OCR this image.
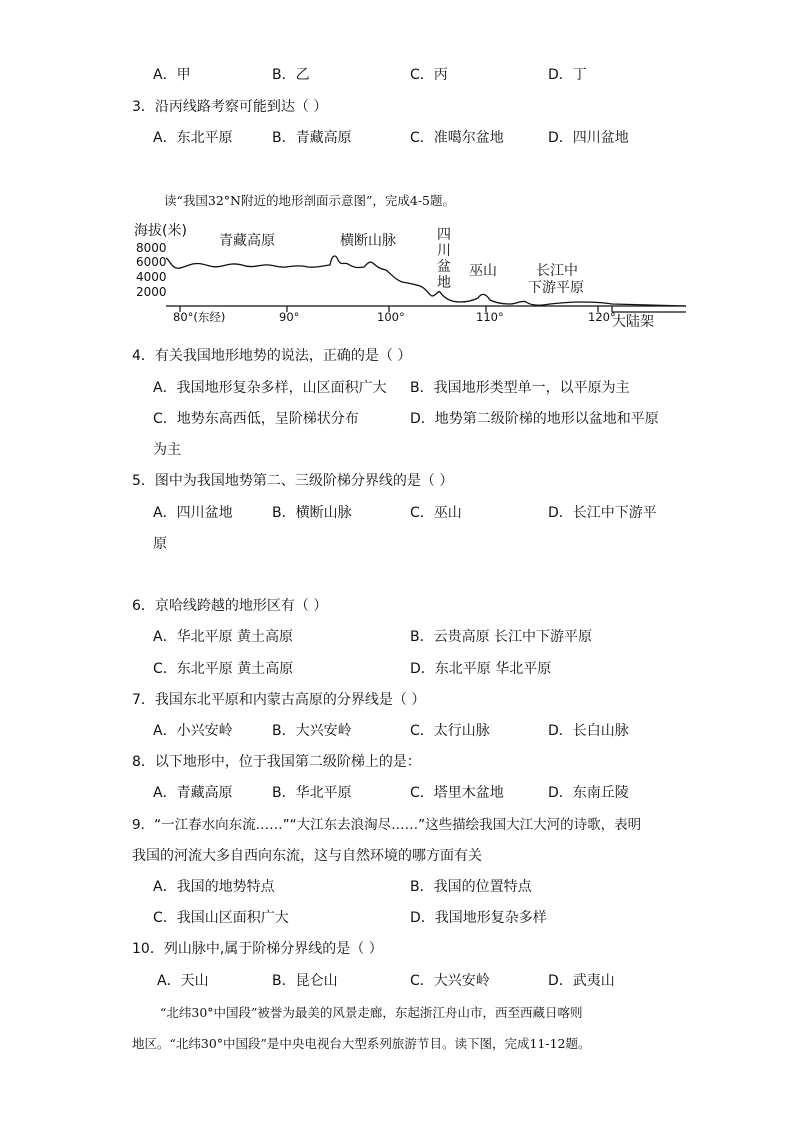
A．甲	B．乙	C．丙	D．丁
3．沿丙线路考察可能到达（ ）
A．东北平原	B．青藏高原	C．准噶尔盆地	D．四川盆地
读“我国32°N附近的地形剖面示意图”，完成4-5题。
海拔(米)
8000
6000
4000
2000
青藏高原	横断山脉	四
川
盆
地
巫山	长江中
下游平原
大陆架
80°(东经)	90°	100°	110°	120°
4．有关我国地形地势的说法，正确的是（ ）
A．我国地形复杂多样，山区面积广大 B．我国地形类型单一，以平原为主
C．地势东高西低，呈阶梯状分布	D．地势第二级阶梯的地形以盆地和平原
为主
5．图中为我国地势第二、三级阶梯分界线的是（ ）
A．四川盆地	B．横断山脉	C．巫山	D．长江中下游平
原
6．京哈线跨越的地形区有（ ）
A．华北平原 黄土高原	B．云贵高原 长江中下游平原
C．东北平原 黄土高原	D．东北平原 华北平原
7．我国东北平原和内蒙古高原的分界线是（ ）
A．小兴安岭	B．大兴安岭	C．太行山脉	D．长白山脉
8．以下地形中，位于我国第二级阶梯上的是：
A．青藏高原	B．华北平原	C．塔里木盆地	D．东南丘陵
9．“一江春水向东流……”“大江东去浪淘尽……”这些描绘我国大江大河的诗歌，表明
我国的河流大多自西向东流，这与自然环境的哪方面有关
A．我国的地势特点	B．我国的位置特点
C．我国山区面积广大	D．我国地形复杂多样
10．列山脉中,属于阶梯分界线的是（ ）
A．天山	B．昆仑山	C．大兴安岭	D．武夷山
“北纬30°中国段”被誉为最美的风景走廊，东起浙江舟山市，西至西藏日喀则
地区。“北纬30°中国段”是中央电视台大型系列旅游节目。读下图，完成11-12题。
